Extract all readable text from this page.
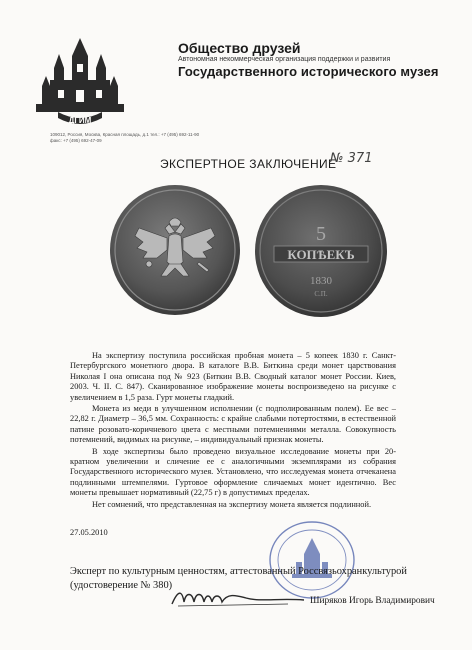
ДГИМ
Общество друзей
Автономная некоммерческая организация поддержки и развития
Государственного исторического музея
109012, Россия, Москва, Красная площадь, д.1 тел.: +7 (495) 692-11-90 факс: +7 (495) 692-47-09
ЭКСПЕРТНОЕ ЗАКЛЮЧЕНИЕ
№ 371
5
КОПѢЕКЪ
1830
С.П.

На экспертизу поступила российская пробная монета – 5 копеек 1830 г. Санкт-Петербургского монетного двора. В каталоге В.В. Биткина среди монет царствования Николая I она описана под № 923 (Биткин В.В. Сводный каталог монет России. Киев, 2003. Ч. II. С. 847). Сканированное изображение монеты воспроизведено на рисунке с увеличением в 1,5 раза. Гурт монеты гладкий.

Монета из меди в улучшенном исполнении (с подполированным полем). Ее вес – 22,82 г. Диаметр – 36,5 мм. Сохранность: с крайне слабыми потертостями, в естественной патине розовато-коричневого цвета с местными потемнениями металла. Совокупность потемнений, видимых на рисунке, – индивидуальный признак монеты.

В ходе экспертизы было проведено визуальное исследование монеты при 20-кратном увеличении и сличение ее с аналогичными экземплярами из собрания Государственного исторического музея. Установлено, что исследуемая монета отчеканена подлинными штемпелями. Гуртовое оформление сличаемых монет идентично. Вес монеты превышает нормативный (22,75 г) в допустимых пределах.

Нет сомнений, что представленная на экспертизу монета является подлинной.

27.05.2010
Эксперт по культурным ценностям, аттестованный Россвязьохранкультурой
(удостоверение № 380)
Ширяков Игорь Владимирович
